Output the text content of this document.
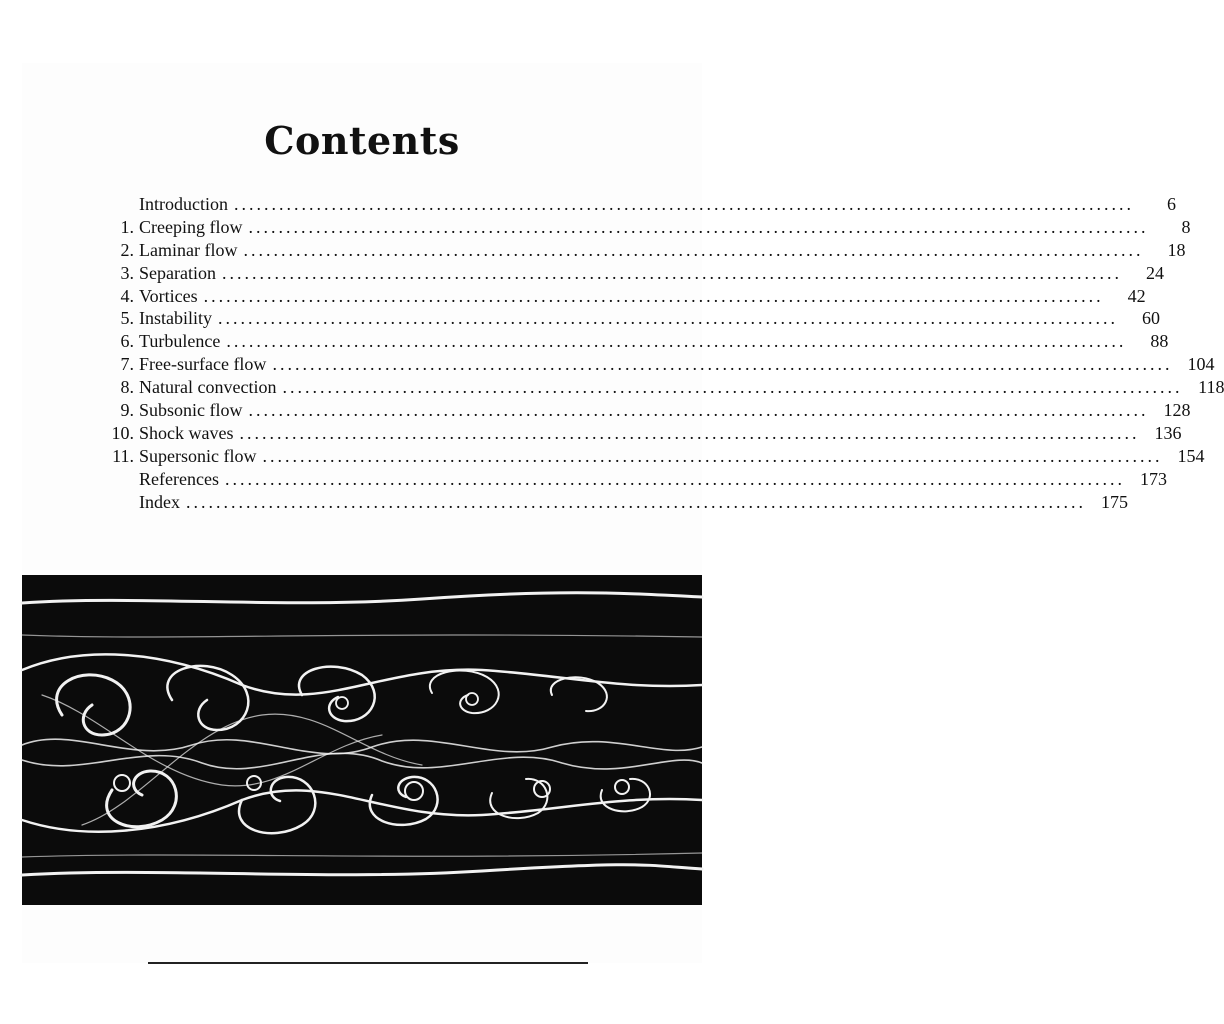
Contents
Introduction ........................................................................................................................	6
1. Creeping flow ........................................................................................................................	8
2. Laminar flow ........................................................................................................................	18
3. Separation ........................................................................................................................	24
4. Vortices ........................................................................................................................	42
5. Instability ........................................................................................................................	60
6. Turbulence ........................................................................................................................	88
7. Free-surface flow ........................................................................................................................ 104
8. Natural convection ........................................................................................................................ 118
9. Subsonic flow ........................................................................................................................ 128
10. Shock waves ........................................................................................................................ 136
11. Supersonic flow ........................................................................................................................ 154
References ........................................................................................................................ 173
Index ........................................................................................................................ 175
